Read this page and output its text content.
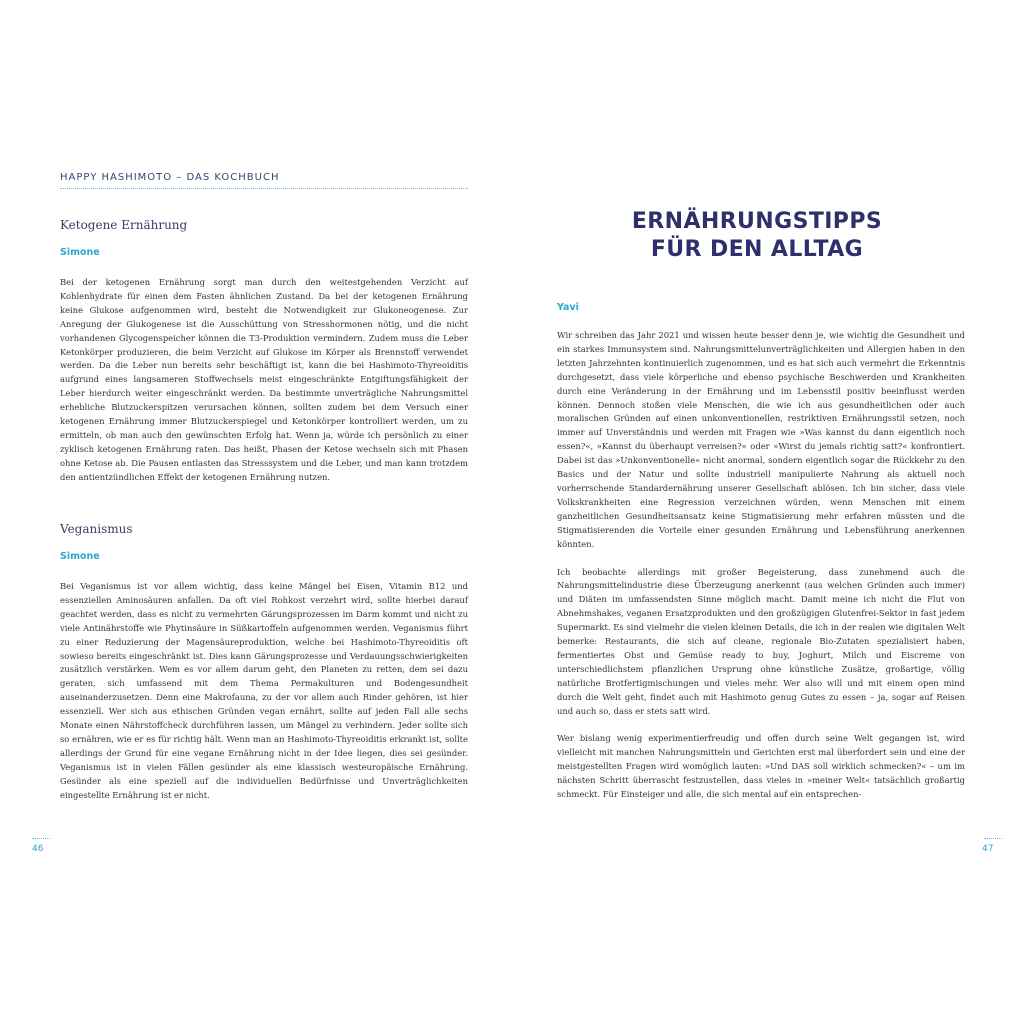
HAPPY HASHIMOTO – DAS KOCHBUCH
Ketogene Ernährung

Simone

Bei der ketogenen Ernährung sorgt man durch den weitestgehenden Verzicht auf Kohlenhydrate für einen dem Fasten ähnlichen Zustand. Da bei der ketogenen Ernährung keine Glukose aufgenommen wird, besteht die Notwendigkeit zur Glukoneogenese. Zur Anregung der Glukogenese ist die Ausschüttung von Stresshormonen nötig, und die nicht vorhandenen Glycogenspeicher können die T3-Produktion vermindern. Zudem muss die Leber Ketonkörper produzieren, die beim Verzicht auf Glukose im Körper als Brennstoff verwendet werden. Da die Leber nun bereits sehr beschäftigt ist, kann die bei Hashimoto-Thyreoiditis aufgrund eines langsameren Stoffwechsels meist eingeschränkte Entgiftungsfähigkeit der Leber hierdurch weiter eingeschränkt werden. Da bestimmte unverträgliche Nahrungsmittel erhebliche Blutzuckerspitzen verursachen können, sollten zudem bei dem Versuch einer ketogenen Ernährung immer Blutzuckerspiegel und Ketonkörper kontrolliert werden, um zu ermitteln, ob man auch den gewünschten Erfolg hat. Wenn ja, würde ich persönlich zu einer zyklisch ketogenen Ernährung raten. Das heißt, Phasen der Ketose wechseln sich mit Phasen ohne Ketose ab. Die Pausen entlasten das Stresssystem und die Leber, und man kann trotzdem den antientzündlichen Effekt der ketogenen Ernährung nutzen.

Veganismus

Simone

Bei Veganismus ist vor allem wichtig, dass keine Mängel bei Eisen, Vitamin B12 und essenziellen Aminosäuren anfallen. Da oft viel Rohkost verzehrt wird, sollte hierbei darauf geachtet werden, dass es nicht zu vermehrten Gärungsprozessen im Darm kommt und nicht zu viele Antinährstoffe wie Phytinsäure in Süßkartoffeln aufgenommen werden. Veganismus führt zu einer Reduzierung der Magensäureproduktion, welche bei Hashimoto-Thyreoiditis oft sowieso bereits eingeschränkt ist. Dies kann Gärungsprozesse und Verdauungsschwierigkeiten zusätzlich verstärken. Wem es vor allem darum geht, den Planeten zu retten, dem sei dazu geraten, sich umfassend mit dem Thema Permakulturen und Bodengesundheit auseinanderzusetzen. Denn eine Makrofauna, zu der vor allem auch Rinder gehören, ist hier essenziell. Wer sich aus ethischen Gründen vegan ernährt, sollte auf jeden Fall alle sechs Monate einen Nährstoffcheck durchführen lassen, um Mängel zu verhindern. Jeder sollte sich so ernähren, wie er es für richtig hält. Wenn man an Hashimoto-Thyreoiditis erkrankt ist, sollte allerdings der Grund für eine vegane Ernährung nicht in der Idee liegen, dies sei gesünder. Veganismus ist in vielen Fällen gesünder als eine klassisch westeuropäische Ernährung. Gesünder als eine speziell auf die individuellen Bedürfnisse und Unverträglichkeiten eingestellte Ernährung ist er nicht.

46
ERNÄHRUNGSTIPPS
FÜR DEN ALLTAG

Yavi

Wir schreiben das Jahr 2021 und wissen heute besser denn je, wie wichtig die Gesundheit und ein starkes Immunsystem sind. Nahrungsmittelunverträglichkeiten und Allergien haben in den letzten Jahrzehnten kontinuierlich zugenommen, und es hat sich auch vermehrt die Erkenntnis durchgesetzt, dass viele körperliche und ebenso psychische Beschwerden und Krankheiten durch eine Veränderung in der Ernährung und im Lebensstil positiv beeinflusst werden können. Dennoch stoßen viele Menschen, die wie ich aus gesundheitlichen oder auch moralischen Gründen auf einen unkonventionellen, restriktiven Ernährungsstil setzen, noch immer auf Unverständnis und werden mit Fragen wie »Was kannst du dann eigentlich noch essen?«, »Kannst du überhaupt verreisen?« oder »Wirst du jemals richtig satt?« konfrontiert. Dabei ist das »Unkonventionelle« nicht anormal, sondern eigentlich sogar die Rückkehr zu den Basics und der Natur und sollte industriell manipulierte Nahrung als aktuell noch vorherrschende Standardernährung unserer Gesellschaft ablösen. Ich bin sicher, dass viele Volkskrankheiten eine Regression verzeichnen würden, wenn Menschen mit einem ganzheitlichen Gesundheitsansatz keine Stigmatisierung mehr erfahren müssten und die Stigmatisierenden die Vorteile einer gesunden Ernährung und Lebensführung anerkennen könnten.

Ich beobachte allerdings mit großer Begeisterung, dass zunehmend auch die Nahrungsmittelindustrie diese Überzeugung anerkennt (aus welchen Gründen auch immer) und Diäten im umfassendsten Sinne möglich macht. Damit meine ich nicht die Flut von Abnehmshakes, veganen Ersatzprodukten und den großzügigen Glutenfrei-Sektor in fast jedem Supermarkt. Es sind vielmehr die vielen kleinen Details, die ich in der realen wie digitalen Welt bemerke: Restaurants, die sich auf cleane, regionale Bio-Zutaten spezialisiert haben, fermentiertes Obst und Gemüse ready to buy, Joghurt, Milch und Eiscreme von unterschiedlichstem pflanzlichen Ursprung ohne künstliche Zusätze, großartige, völlig natürliche Brotfertigmischungen und vieles mehr. Wer also will und mit einem open mind durch die Welt geht, findet auch mit Hashimoto genug Gutes zu essen – ja, sogar auf Reisen und auch so, dass er stets satt wird.

Wer bislang wenig experimentierfreudig und offen durch seine Welt gegangen ist, wird vielleicht mit manchen Nahrungsmitteln und Gerichten erst mal überfordert sein und eine der meistgestellten Fragen wird womöglich lauten: »Und DAS soll wirklich schmecken?« – um im nächsten Schritt überrascht festzustellen, dass vieles in »meiner Welt« tatsächlich großartig schmeckt. Für Einsteiger und alle, die sich mental auf ein entsprechen-

47
